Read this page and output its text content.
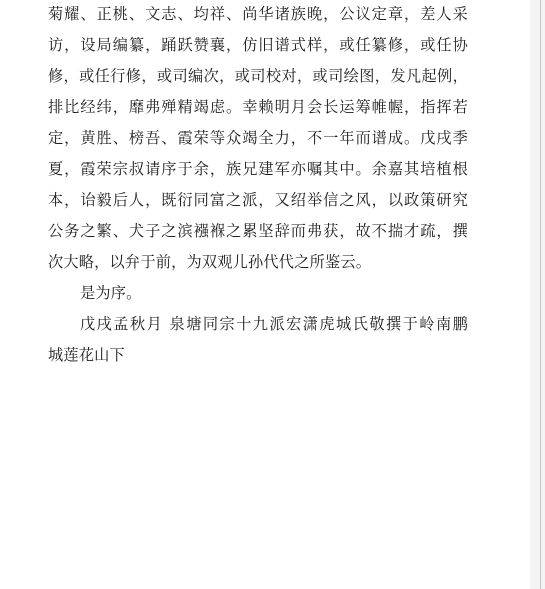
菊耀、正桃、文志、均祥、尚华诸族晚，公议定章，差人采
访，设局编纂，踊跃赞襄，仿旧谱式样，或任纂修，或任协
修，或任行修，或司编次，或司校对，或司绘图，发凡起例，
排比经纬，靡弗殚精竭虑。幸赖明月会长运筹帷幄，指挥若
定，黄胜、榜吾、霞荣等众竭全力，不一年而谱成。戊戌季
夏，霞荣宗叔请序于余，族兄建军亦嘱其中。余嘉其培植根
本，诒毅后人，既衍同富之派，又绍举信之风，以政策研究
公务之繁、犬子之滨襁褓之累坚辞而弗获，故不揣才疏，撰
次大略，以弁于前，为双观儿孙代代之所鉴云。
是为序。
戊戌孟秋月 泉塘同宗十九派宏潇虎城氏敬撰于岭南鹏
城莲花山下
